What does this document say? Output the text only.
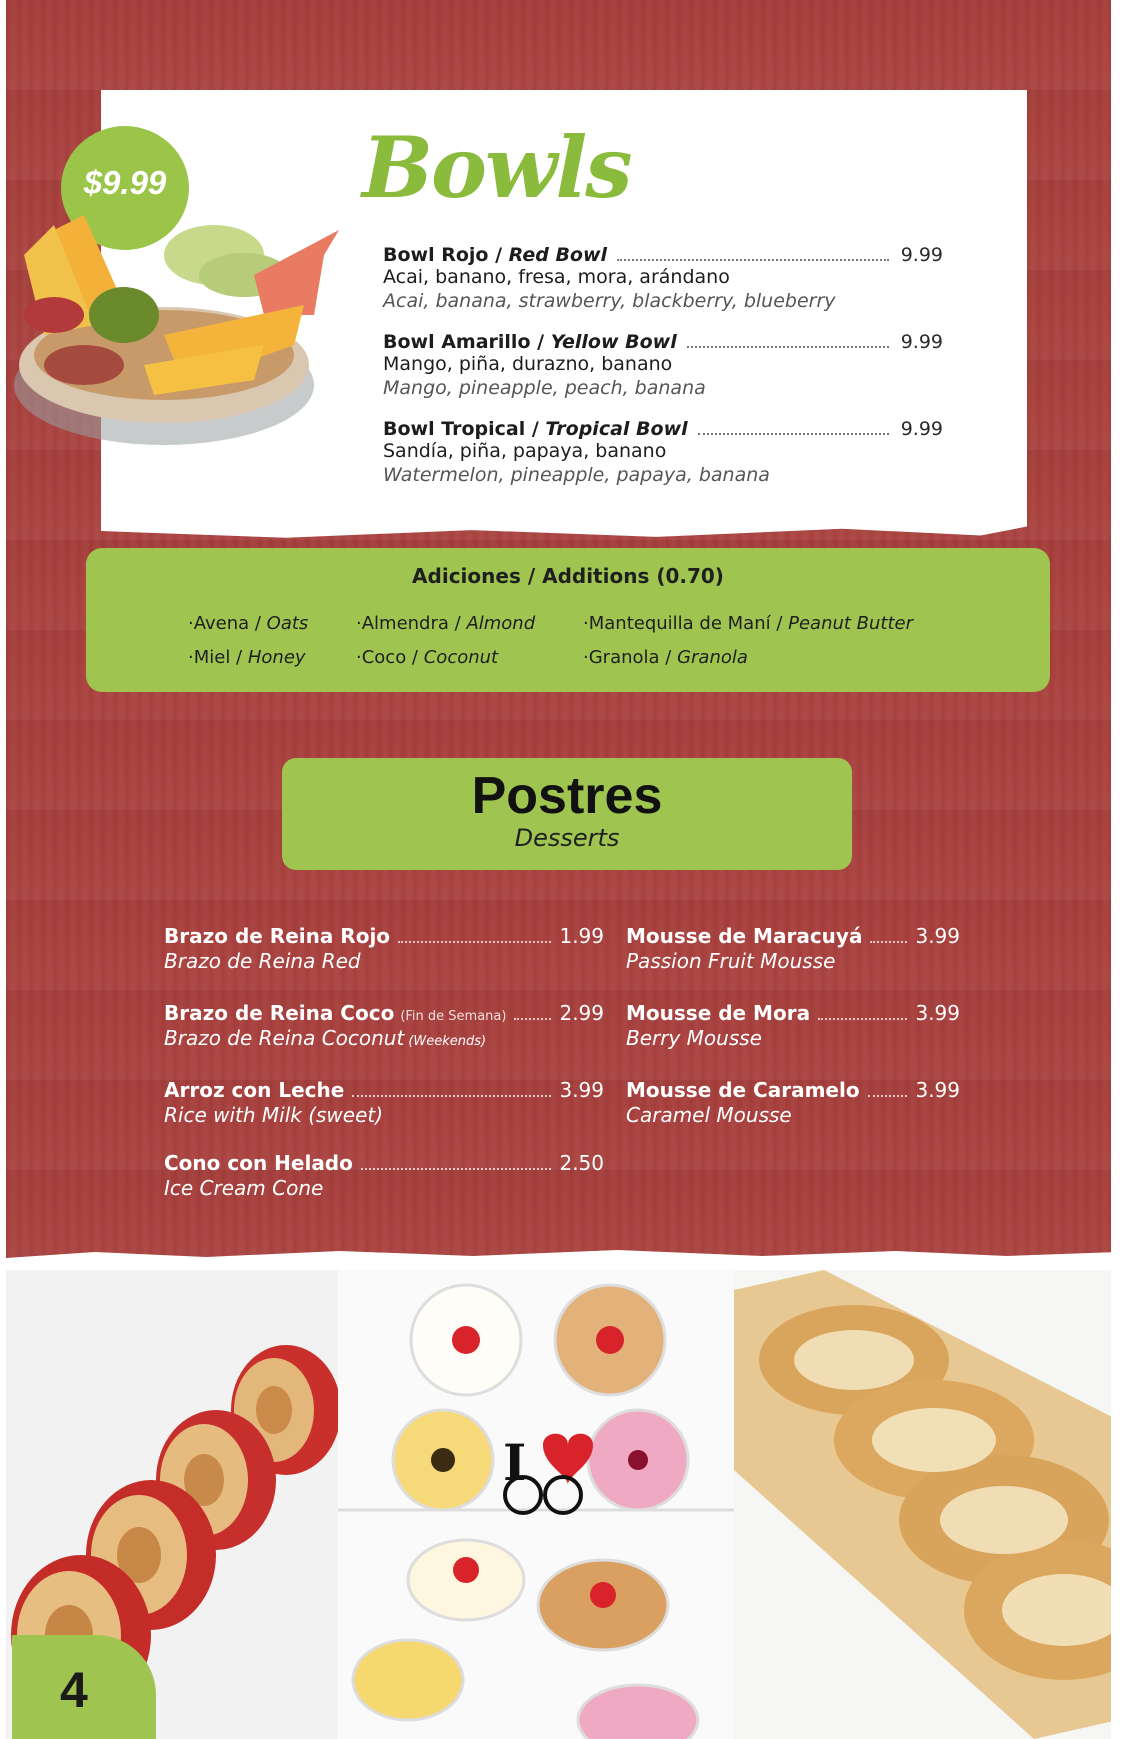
$9.99 Bowls
Bowl Rojo / Red Bowl	9.99
Acai, banano, fresa, mora, arándano
Acai, banana, strawberry, blackberry, blueberry
Bowl Amarillo / Yellow Bowl	9.99
Mango, piña, durazno, banano
Mango, pineapple, peach, banana
Bowl Tropical / Tropical Bowl	9.99
Sandía, piña, papaya, banano
Watermelon, pineapple, papaya, banana
Adiciones / Additions (0.70)
·Avena / Oats	·Almendra / Almond	·Mantequilla de Maní / Peanut Butter
·Miel / Honey	·Coco / Coconut	·Granola / Granola
Postres
Desserts
Brazo de Reina Rojo	1.99
Brazo de Reina Red
Brazo de Reina Coco (Fin de Semana)	2.99
Brazo de Reina Coconut (Weekends)
Arroz con Leche	3.99
Rice with Milk (sweet)
Cono con Helado	2.50
Ice Cream Cone
Mousse de Maracuyá	3.99
Passion Fruit Mousse
Mousse de Mora	3.99
Berry Mousse
Mousse de Caramelo	3.99
Caramel Mousse
I
4
